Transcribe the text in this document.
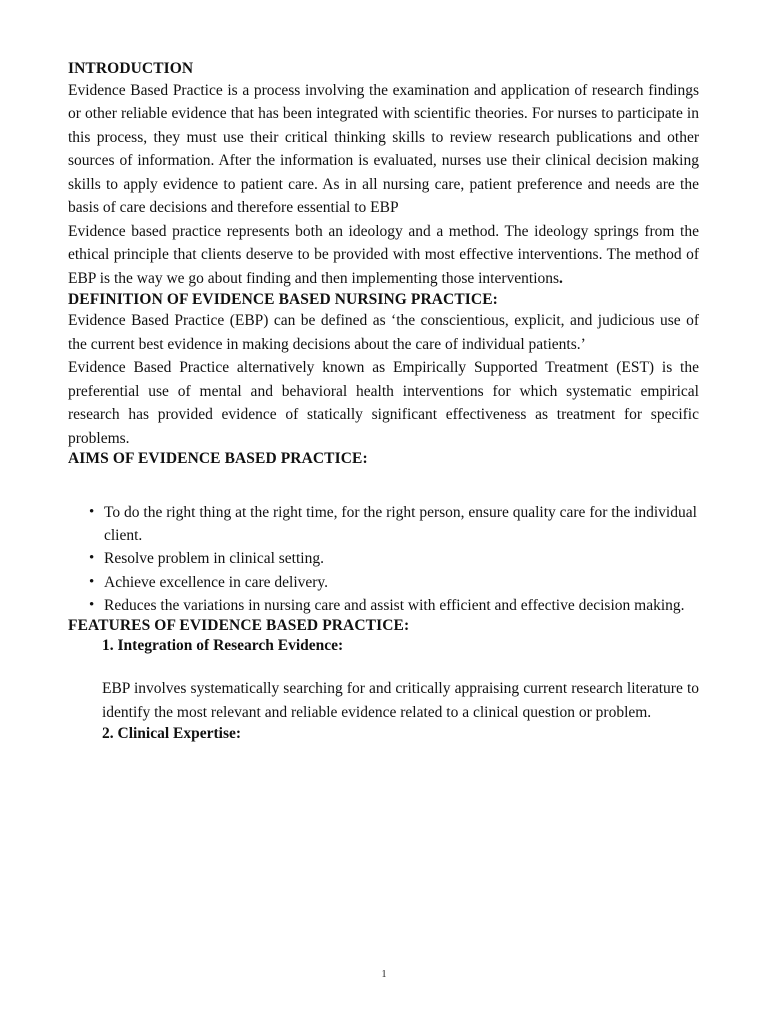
INTRODUCTION

Evidence Based Practice is a process involving the examination and application of research findings or other reliable evidence that has been integrated with scientific theories. For nurses to participate in this process, they must use their critical thinking skills to review research publications and other sources of information. After the information is evaluated, nurses use their clinical decision making skills to apply evidence to patient care. As in all nursing care, patient preference and needs are the basis of care decisions and therefore essential to EBP

Evidence based practice represents both an ideology and a method. The ideology springs from the ethical principle that clients deserve to be provided with most effective interventions. The method of EBP is the way we go about finding and then implementing those interventions.

DEFINITION OF EVIDENCE BASED NURSING PRACTICE:

Evidence Based Practice (EBP) can be defined as ‘the conscientious, explicit, and judicious use of the current best evidence in making decisions about the care of individual patients.’

Evidence Based Practice alternatively known as Empirically Supported Treatment (EST) is the preferential use of mental and behavioral health interventions for which systematic empirical research has provided evidence of statically significant effectiveness as treatment for specific problems.

AIMS OF EVIDENCE BASED PRACTICE:
• To do the right thing at the right time, for the right person, ensure quality care for the individual client.
• Resolve problem in clinical setting.
• Achieve excellence in care delivery.
• Reduces the variations in nursing care and assist with efficient and effective decision making.
FEATURES OF EVIDENCE BASED PRACTICE:
1. Integration of Research Evidence:

EBP involves systematically searching for and critically appraising current research literature to identify the most relevant and reliable evidence related to a clinical question or problem.

2. Clinical Expertise:
1
